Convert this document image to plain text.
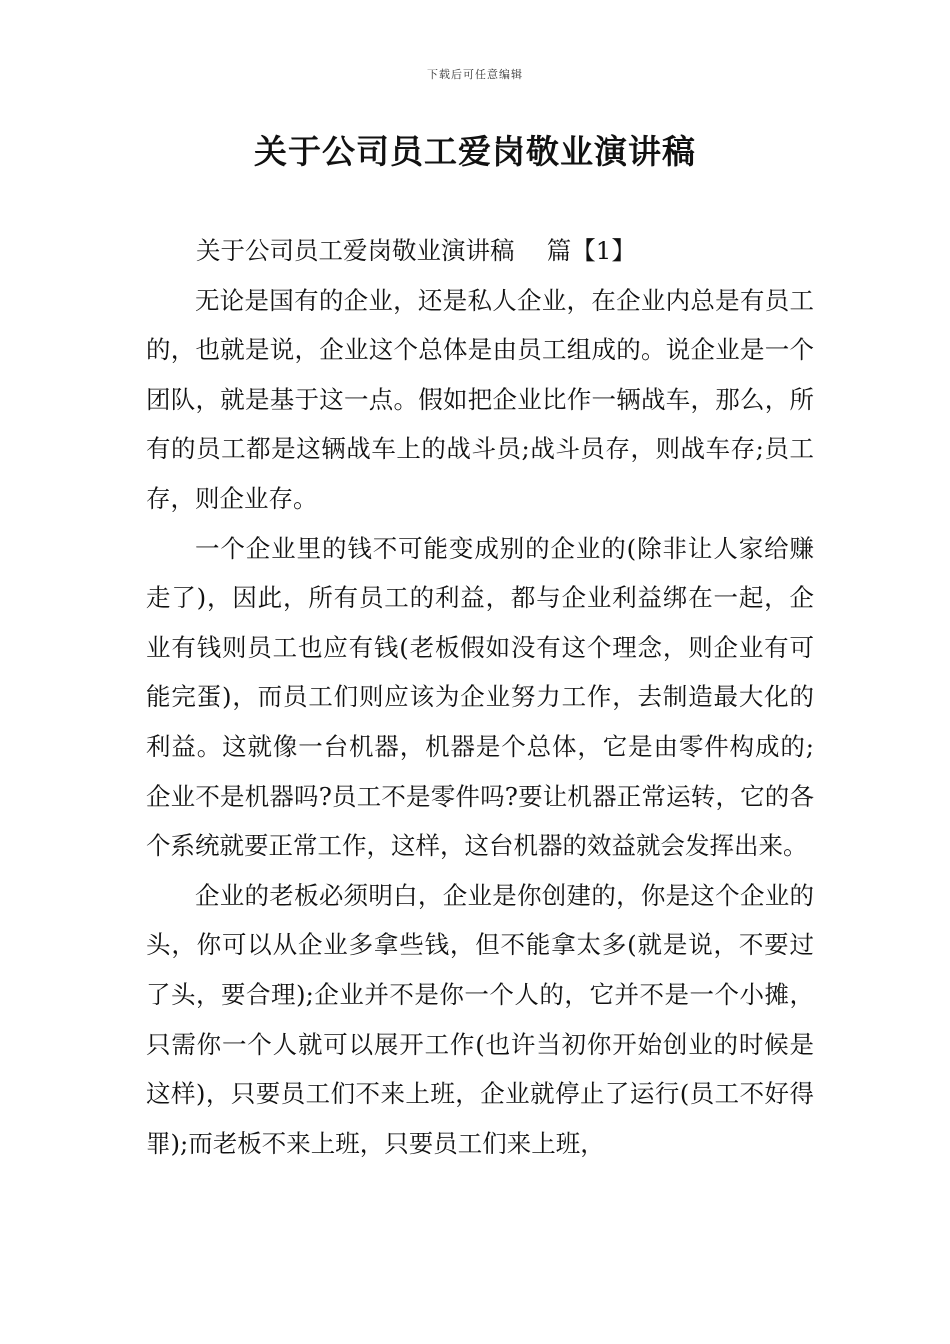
下载后可任意编辑
关于公司员工爱岗敬业演讲稿

关于公司员工爱岗敬业演讲稿　 篇【1】

无论是国有的企业，还是私人企业，在企业内总是有员工的，也就是说，企业这个总体是由员工组成的。说企业是一个团队，就是基于这一点。假如把企业比作一辆战车，那么，所有的员工都是这辆战车上的战斗员;战斗员存，则战车存;员工存，则企业存。

一个企业里的钱不可能变成别的企业的(除非让人家给赚走了)，因此，所有员工的利益，都与企业利益绑在一起，企业有钱则员工也应有钱(老板假如没有这个理念，则企业有可能完蛋)，而员工们则应该为企业努力工作，去制造最大化的利益。这就像一台机器，机器是个总体，它是由零件构成的;企业不是机器吗?员工不是零件吗?要让机器正常运转，它的各个系统就要正常工作，这样，这台机器的效益就会发挥出来。

企业的老板必须明白，企业是你创建的，你是这个企业的头，你可以从企业多拿些钱，但不能拿太多(就是说，不要过了头，要合理);企业并不是你一个人的，它并不是一个小摊，只需你一个人就可以展开工作(也许当初你开始创业的时候是这样)，只要员工们不来上班，企业就停止了运行(员工不好得罪);而老板不来上班，只要员工们来上班，
